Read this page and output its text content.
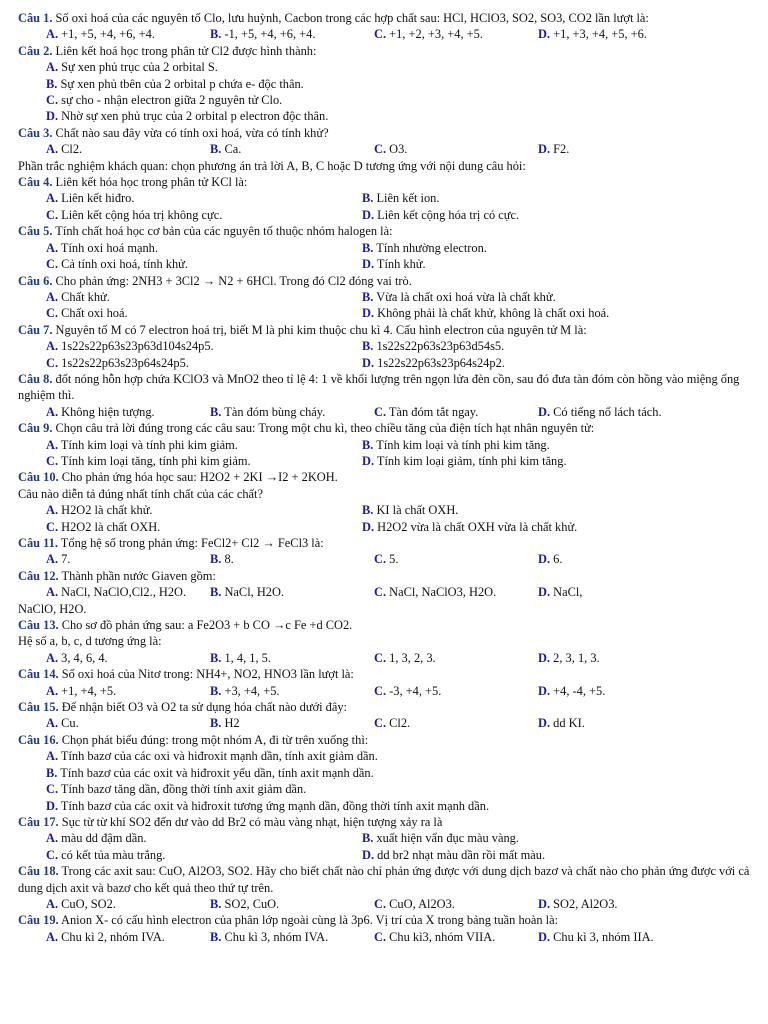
Câu 1. Số oxi hoá của các nguyên tố Clo, lưu huỳnh, Cacbon trong các hợp chất sau: HCl, HClO3, SO2, SO3, CO2 lần lượt là:
A. +1, +5, +4, +6, +4.	B. -1, +5, +4, +6, +4.	C. +1, +2, +3, +4, +5.	D. +1, +3, +4, +5, +6.
Câu 2. Liên kết hoá học trong phân tử Cl2 được hình thành:
A. Sự xen phủ trục của 2 orbital S.
B. Sự xen phủ tbên của 2 orbital p chứa e- độc thân.
C. sự cho - nhận electron giữa 2 nguyên tử Clo.
D. Nhờ sự xen phủ trục của 2 orbital p electron độc thân.
Câu 3. Chất nào sau đây vừa có tính oxi hoá, vừa có tính khử?
A. Cl2.	B. Ca.	C. O3.	D. F2.
Phần trắc nghiệm khách quan: chọn phương án trả lời A, B, C hoặc D tương ứng với nội dung câu hỏi:
Câu 4. Liên kết hóa học trong phân tử KCl là:
A. Liên kết hiđro.	B. Liên kết ion.
C. Liên kết cộng hóa trị không cực.	D. Liên kết cộng hóa trị có cực.
Câu 5. Tính chất hoá học cơ bản của các nguyên tố thuộc nhóm halogen là:
A. Tính oxi hoá mạnh.	B. Tính nhường electron.
C. Cả tính oxi hoá, tính khử.	D. Tính khử.
Câu 6. Cho phản ứng: 2NH3 + 3Cl2 → N2 + 6HCl. Trong đó Cl2 đóng vai trò.
A. Chất khử.	B. Vừa là chất oxi hoá vừa là chất khử.
C. Chất oxi hoá.	D. Không phải là chất khử, không là chất oxi hoá.
Câu 7. Nguyên tố M có 7 electron hoá trị, biết M là phi kim thuộc chu kì 4. Cấu hình electron của nguyên tử M là:
A. 1s22s22p63s23p63d104s24p5.	B. 1s22s22p63s23p63d54s5.
C. 1s22s22p63s23p64s24p5.	D. 1s22s22p63s23p64s24p2.
Câu 8. đốt nóng hỗn hợp chứa KClO3 và MnO2 theo tỉ lệ 4: 1 về khối lượng trên ngọn lửa đèn cồn, sau đó đưa tàn đóm còn hồng vào miệng ống nghiệm thì.
A. Không hiện tượng.	B. Tàn đóm bùng cháy.	C. Tàn đóm tắt ngay.	D. Có tiếng nổ lách tách.
Câu 9. Chọn câu trả lời đúng trong các câu sau: Trong một chu kì, theo chiều tăng của điện tích hạt nhân nguyên tử:
A. Tính kim loại và tính phi kim giảm.	B. Tính kim loại và tính phi kim tăng.
C. Tính kim loại tăng, tính phi kim giảm.	D. Tính kim loại giảm, tính phi kim tăng.
Câu 10. Cho phản ứng hóa học sau: H2O2 + 2KI →I2 + 2KOH.
Câu nào diễn tả đúng nhất tính chất của các chất?
A. H2O2 là chất khử.	B. KI là chất OXH.
C. H2O2 là chất OXH.	D. H2O2 vừa là chất OXH vừa là chất khử.
Câu 11. Tổng hệ số trong phản ứng: FeCl2+ Cl2 → FeCl3 là:
A. 7.	B. 8.	C. 5.	D. 6.
Câu 12. Thành phần nước Giaven gồm:
A. NaCl, NaClO,Cl2., H2O.	B. NaCl, H2O.	C. NaCl, NaClO3, H2O.	D. NaCl,
NaClO, H2O.
Câu 13. Cho sơ đồ phản ứng sau: a Fe2O3 + b CO →c Fe +d CO2.
Hệ số a, b, c, d tương ứng là:
A. 3, 4, 6, 4.	B. 1, 4, 1, 5.	C. 1, 3, 2, 3.	D. 2, 3, 1, 3.
Câu 14. Số oxi hoá của Nitơ trong: NH4+, NO2, HNO3 lần lượt là:
A. +1, +4, +5.	B. +3, +4, +5.	C. -3, +4, +5.	D. +4, -4, +5.
Câu 15. Để nhận biết O3 và O2 ta sử dụng hóa chất nào dưới đây:
A. Cu.	B. H2	C. Cl2.	D. dd KI.
Câu 16. Chọn phát biểu đúng: trong một nhóm A, đi từ trên xuống thì:
A. Tính bazơ của các oxi và hiđroxit mạnh dần, tính axit giảm dần.
B. Tính bazơ của các oxit và hiđroxit yếu dần, tính axit mạnh dần.
C. Tính bazơ tăng dần, đồng thời tính axit giảm dần.
D. Tính bazơ của các oxit và hiđroxit tương ứng mạnh dần, đồng thời tính axit mạnh dần.
Câu 17. Sục từ từ khí SO2 đến dư vào dd Br2 có màu vàng nhạt, hiện tượng xảy ra là
A. màu dd đậm dần.	B. xuất hiện vẩn đục màu vàng.
C. có kết tủa màu trắng.	D. dd br2 nhạt màu dần rồi mất màu.
Câu 18. Trong các axit sau: CuO, Al2O3, SO2. Hãy cho biết chất nào chỉ phản ứng được với dung dịch bazơ và chất nào cho phản ứng được với cả dung dịch axit và bazơ cho kết quả theo thứ tự trên.
A. CuO, SO2.	B. SO2, CuO.	C. CuO, Al2O3.	D. SO2, Al2O3.
Câu 19. Anion X- có cấu hình electron của phân lớp ngoài cùng là 3p6. Vị trí của X trong bảng tuần hoàn là:
A. Chu kì 2, nhóm IVA.	B. Chu kì 3, nhóm IVA.	C. Chu kì3, nhóm VIIA.	D. Chu kì 3, nhóm IIA.
